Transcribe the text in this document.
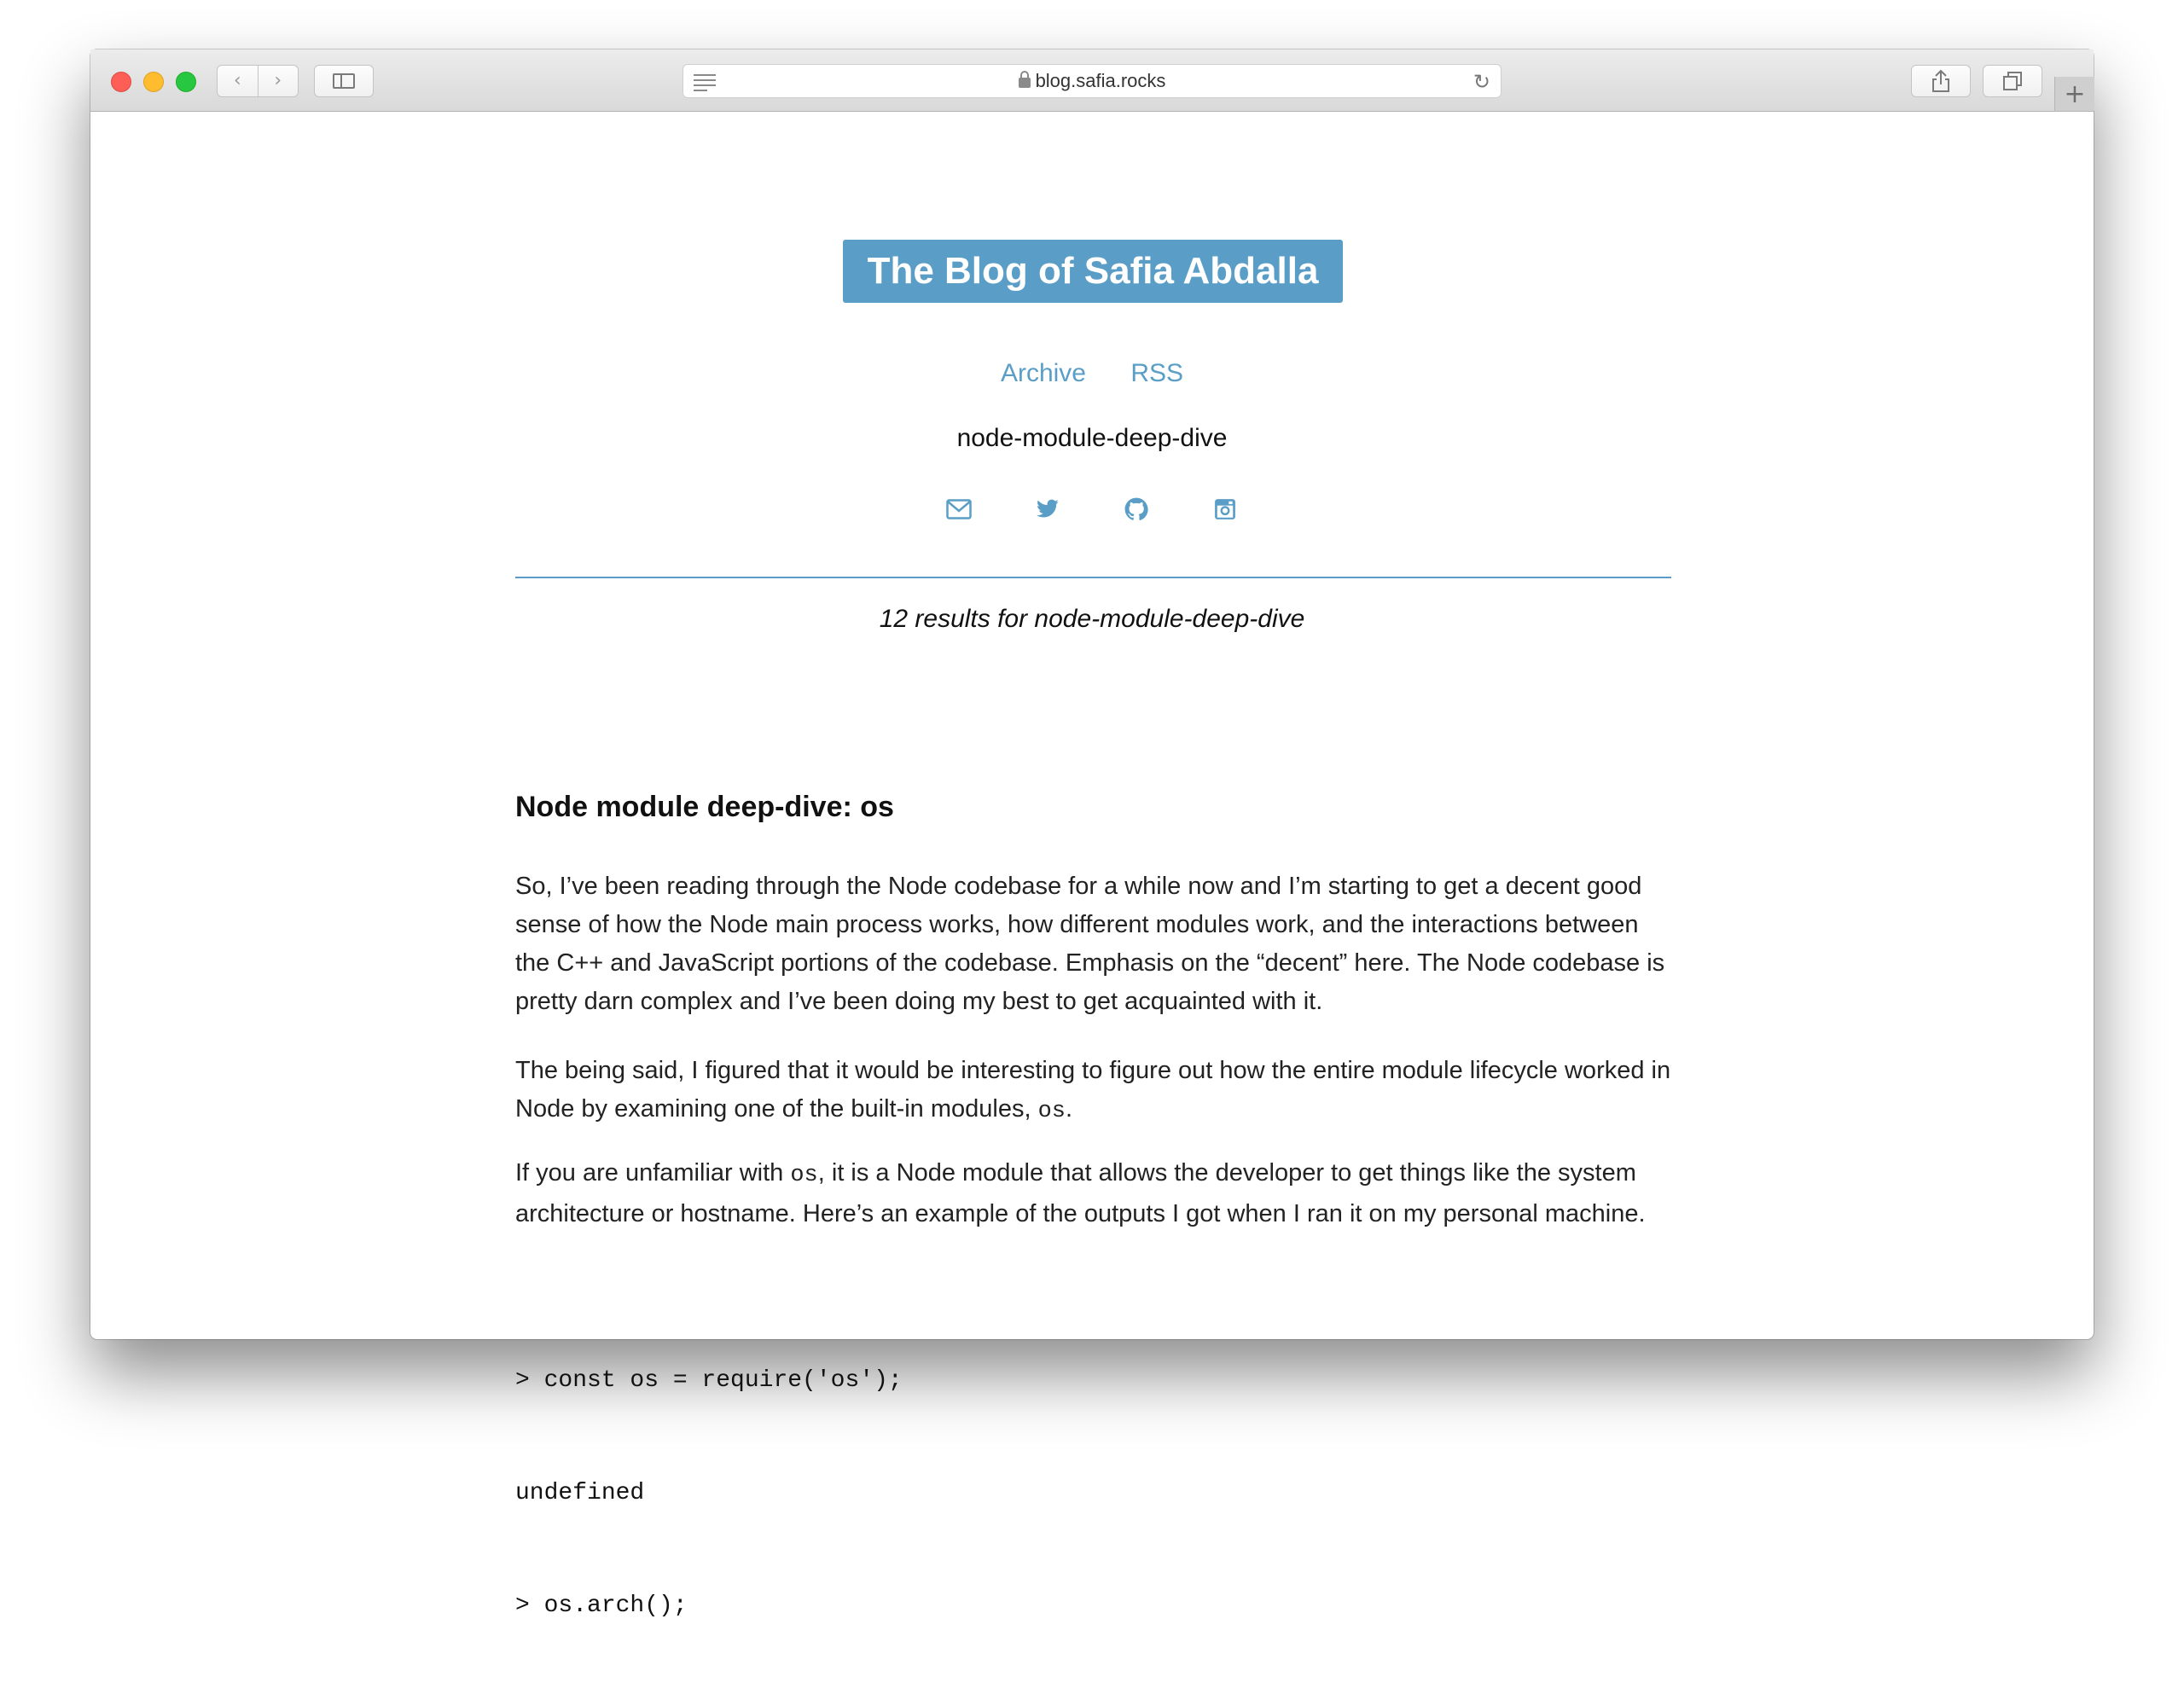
‹	›	blog.safia.rocks	↻	+
The Blog of Safia Abdalla
Archive RSS
node-module-deep-dive
12 results for node-module-deep-dive
Node module deep-dive: os

So, I’ve been reading through the Node codebase for a while now and I’m starting to get a decent good sense of how the Node main process works, how different modules work, and the interactions between the C++ and JavaScript portions of the codebase. Emphasis on the “decent” here. The Node codebase is pretty darn complex and I’ve been doing my best to get acquainted with it.

The being said, I figured that it would be interesting to figure out how the entire module lifecycle worked in Node by examining one of the built-in modules, os.

If you are unfamiliar with os, it is a Node module that allows the developer to get things like the system architecture or hostname. Here’s an example of the outputs I got when I ran it on my personal machine.

> const os = require('os');

undefined

> os.arch();
